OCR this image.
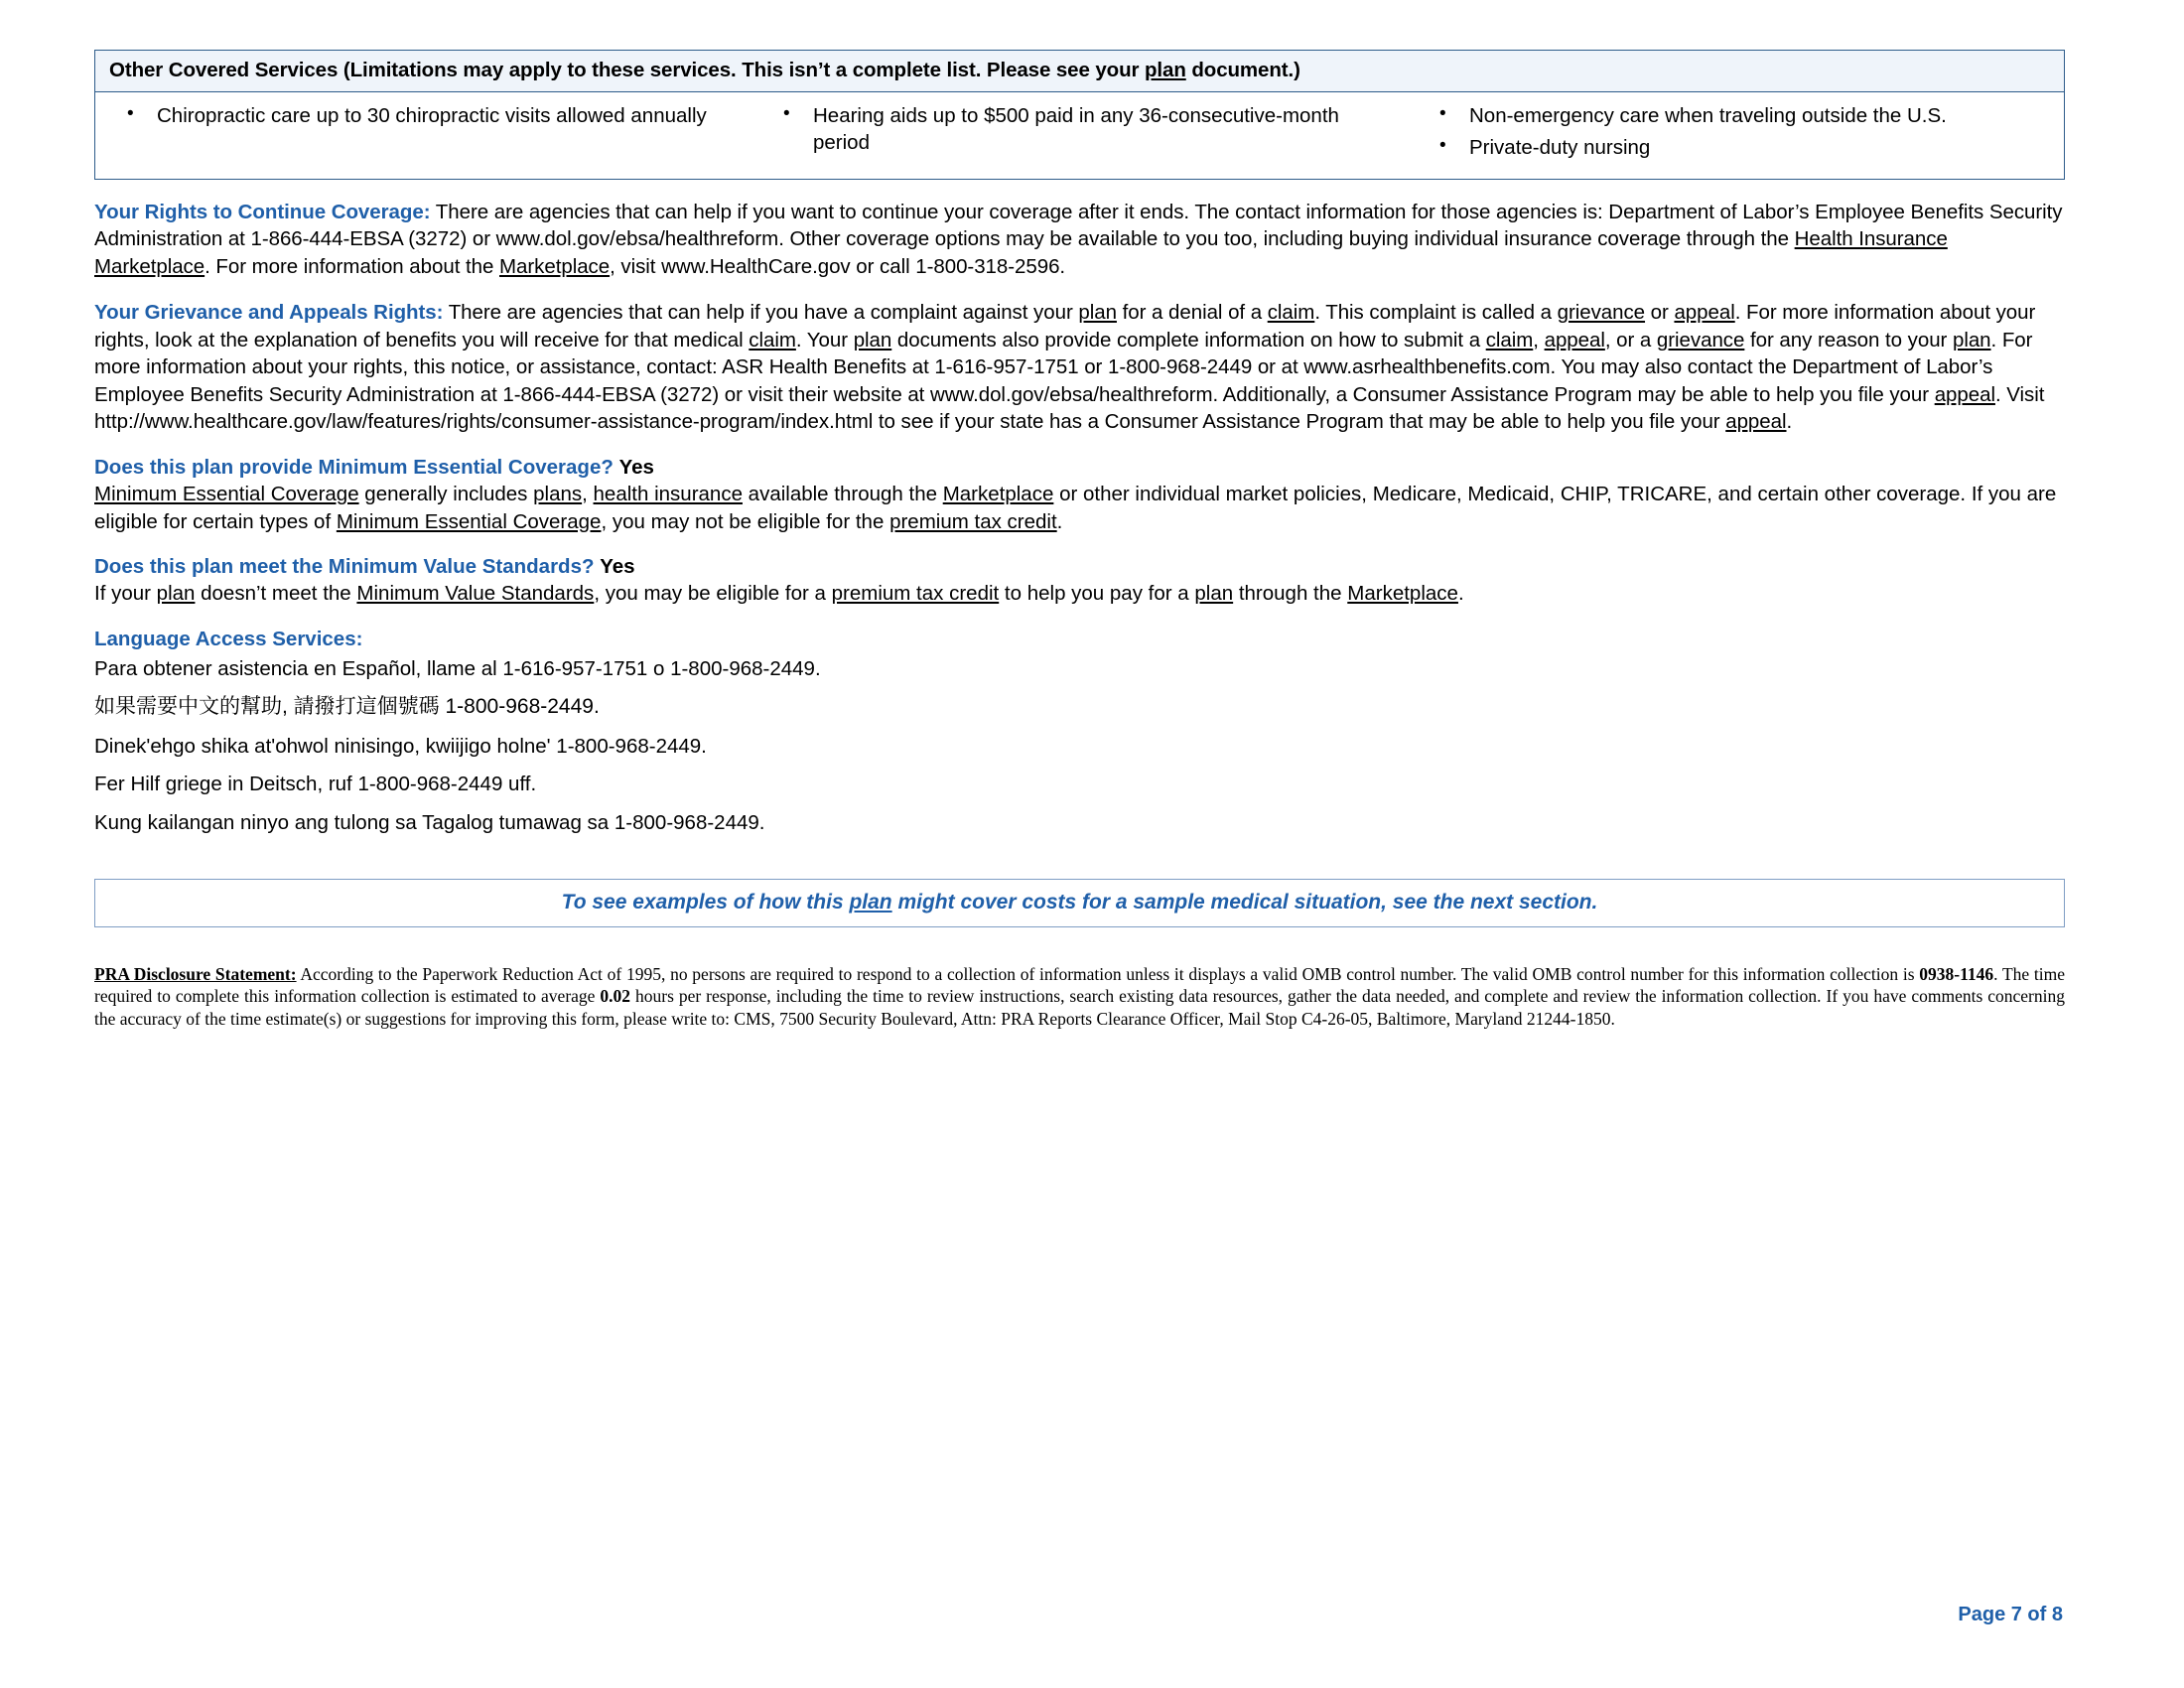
Other Covered Services (Limitations may apply to these services. This isn’t a complete list. Please see your plan document.)
• Chiropractic care up to 30 chiropractic visits allowed annually	• Hearing aids up to $500 paid in any 36-consecutive-month period
• Non-emergency care when traveling outside the U.S.
• Private-duty nursing
Your Rights to Continue Coverage: There are agencies that can help if you want to continue your coverage after it ends. The contact information for those agencies is: Department of Labor’s Employee Benefits Security Administration at 1-866-444-EBSA (3272) or www.dol.gov/ebsa/healthreform. Other coverage options may be available to you too, including buying individual insurance coverage through the Health Insurance Marketplace. For more information about the Marketplace, visit www.HealthCare.gov or call 1-800-318-2596.
Your Grievance and Appeals Rights: There are agencies that can help if you have a complaint against your plan for a denial of a claim. This complaint is called a grievance or appeal. For more information about your rights, look at the explanation of benefits you will receive for that medical claim. Your plan documents also provide complete information on how to submit a claim, appeal, or a grievance for any reason to your plan. For more information about your rights, this notice, or assistance, contact: ASR Health Benefits at 1-616-957-1751 or 1-800-968-2449 or at www.asrhealthbenefits.com. You may also contact the Department of Labor’s Employee Benefits Security Administration at 1-866-444-EBSA (3272) or visit their website at www.dol.gov/ebsa/healthreform. Additionally, a Consumer Assistance Program may be able to help you file your appeal. Visit http://www.healthcare.gov/law/features/rights/consumer-assistance-program/index.html to see if your state has a Consumer Assistance Program that may be able to help you file your appeal.
Does this plan provide Minimum Essential Coverage? Yes
Minimum Essential Coverage generally includes plans, health insurance available through the Marketplace or other individual market policies, Medicare, Medicaid, CHIP, TRICARE, and certain other coverage. If you are eligible for certain types of Minimum Essential Coverage, you may not be eligible for the premium tax credit.
Does this plan meet the Minimum Value Standards? Yes
If your plan doesn’t meet the Minimum Value Standards, you may be eligible for a premium tax credit to help you pay for a plan through the Marketplace.
Language Access Services:
Para obtener asistencia en Español, llame al 1-616-957-1751 o 1-800-968-2449.
如果需要中文的幫助, 請撥打這個號碼 1-800-968-2449.
Dinek'ehgo shika at'ohwol ninisingo, kwiijigo holne' 1-800-968-2449.
Fer Hilf griege in Deitsch, ruf 1-800-968-2449 uff.
Kung kailangan ninyo ang tulong sa Tagalog tumawag sa 1-800-968-2449.
To see examples of how this plan might cover costs for a sample medical situation, see the next section.
PRA Disclosure Statement: According to the Paperwork Reduction Act of 1995, no persons are required to respond to a collection of information unless it displays a valid OMB control number. The valid OMB control number for this information collection is 0938-1146. The time required to complete this information collection is estimated to average 0.02 hours per response, including the time to review instructions, search existing data resources, gather the data needed, and complete and review the information collection. If you have comments concerning the accuracy of the time estimate(s) or suggestions for improving this form, please write to: CMS, 7500 Security Boulevard, Attn: PRA Reports Clearance Officer, Mail Stop C4-26-05, Baltimore, Maryland 21244-1850.
Page 7 of 8
